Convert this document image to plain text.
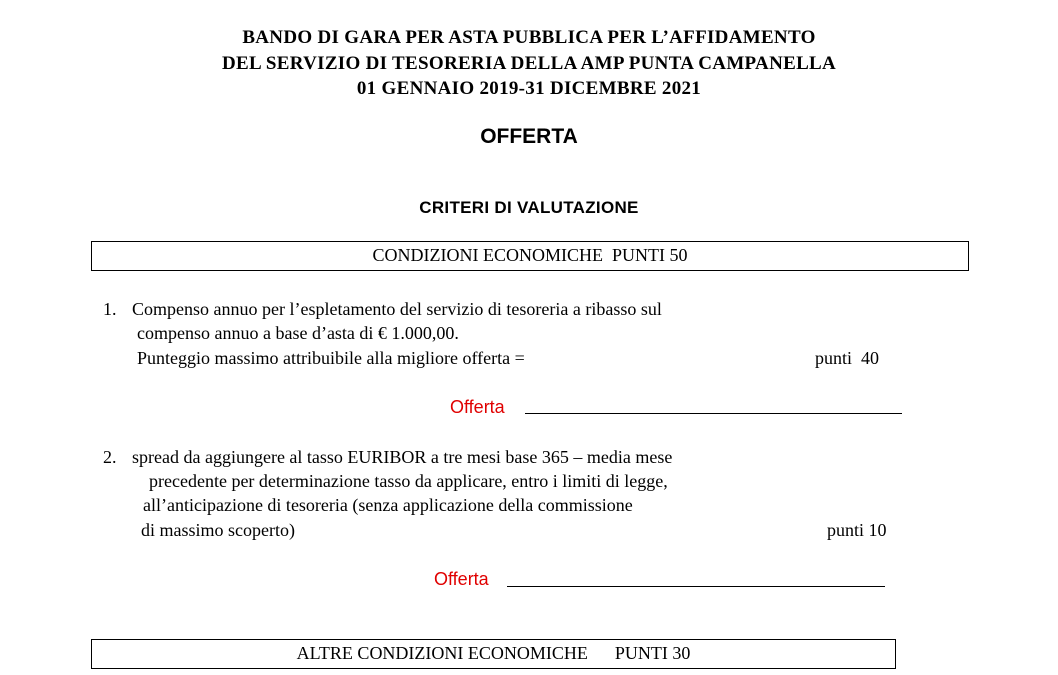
BANDO DI GARA PER ASTA PUBBLICA PER L’AFFIDAMENTO
DEL SERVIZIO DI TESORERIA DELLA AMP PUNTA CAMPANELLA
01 GENNAIO 2019-31 DICEMBRE 2021
OFFERTA
CRITERI DI VALUTAZIONE
CONDIZIONI ECONOMICHE  PUNTI 50
1. Compenso annuo per l’espletamento del servizio di tesoreria a ribasso sul
compenso annuo a base d’asta di € 1.000,00.
Punteggio massimo attribuibile alla migliore offerta =	punti  40
Offerta
2. spread da aggiungere al tasso EURIBOR a tre mesi base 365 – media mese
precedente per determinazione tasso da applicare, entro i limiti di legge,
all’anticipazione di tesoreria (senza applicazione della commissione
di massimo scoperto)	punti 10
Offerta
ALTRE CONDIZIONI ECONOMICHE      PUNTI 30
